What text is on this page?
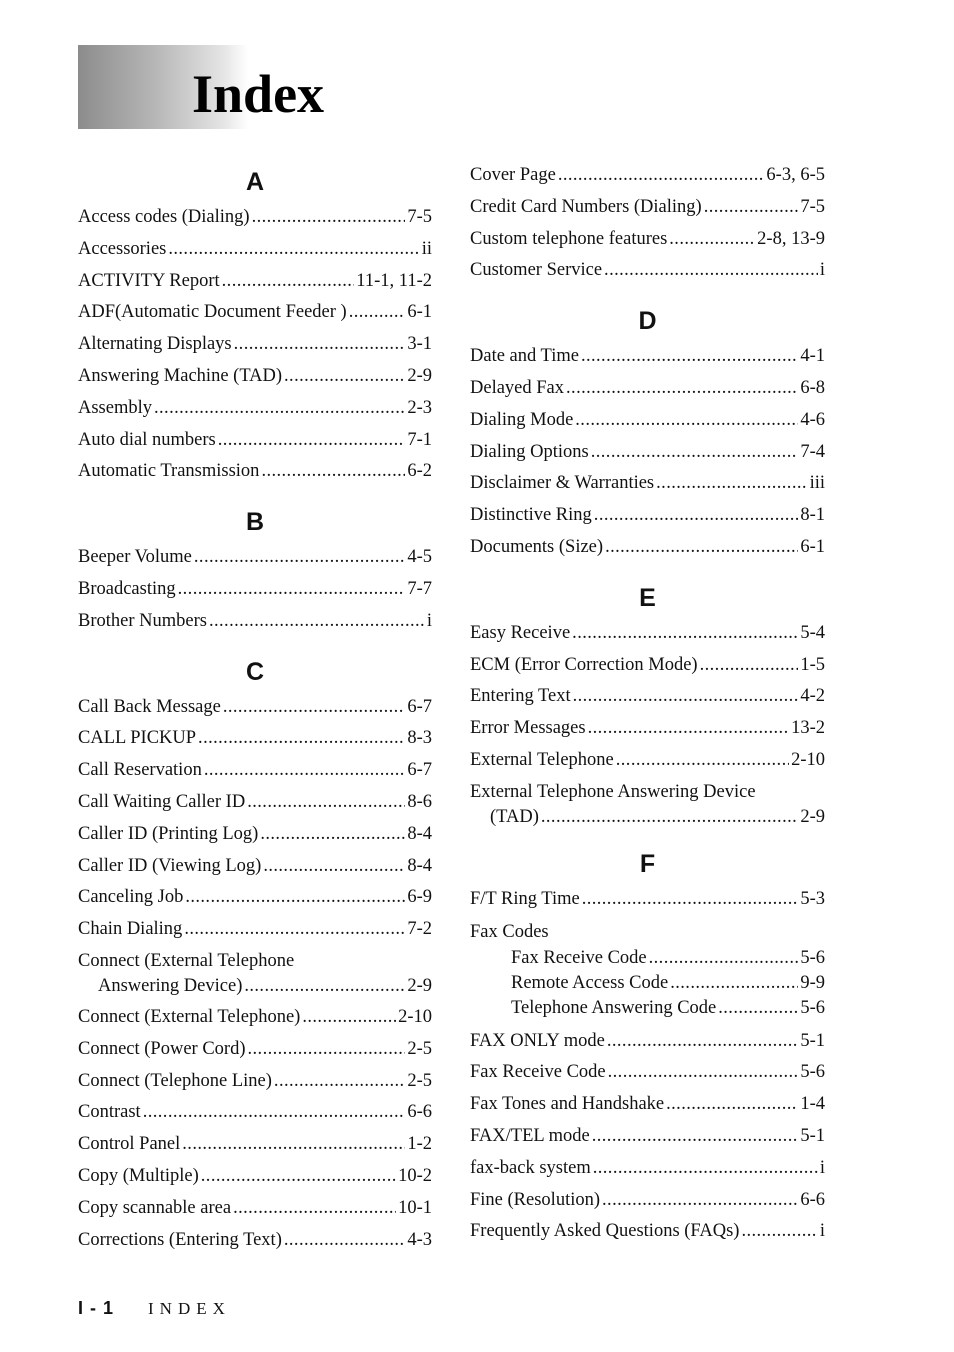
Index
A
Access codes (Dialing) .....	7-5
Accessories .....	ii
ACTIVITY Report .....	11-1, 11-2
ADF(Automatic Document Feeder ) .....	6-1
Alternating Displays .....	3-1
Answering Machine (TAD) .....	2-9
Assembly .....	2-3
Auto dial numbers .....	7-1
Automatic Transmission .....	6-2
B
Beeper Volume .....	4-5
Broadcasting .....	7-7
Brother Numbers .....	i
C
Call Back Message .....	6-7
CALL PICKUP .....	8-3
Call Reservation .....	6-7
Call Waiting Caller ID .....	8-6
Caller ID (Printing Log) .....	8-4
Caller ID (Viewing Log) .....	8-4
Canceling Job .....	6-9
Chain Dialing .....	7-2
Connect (External Telephone
Answering Device) .....	2-9
Connect (External Telephone) .....	2-10
Connect (Power Cord) .....	2-5
Connect (Telephone Line) .....	2-5
Contrast .....	6-6
Control Panel .....	1-2
Copy (Multiple) .....	10-2
Copy scannable area .....	10-1
Corrections (Entering Text) .....	4-3
Cover Page .....	6-3, 6-5
Credit Card Numbers (Dialing) .....	7-5
Custom telephone features .....	2-8, 13-9
Customer Service .....	i
D
Date and Time .....	4-1
Delayed Fax .....	6-8
Dialing Mode .....	4-6
Dialing Options .....	7-4
Disclaimer & Warranties .....	iii
Distinctive Ring .....	8-1
Documents (Size) .....	6-1
E
Easy Receive .....	5-4
ECM (Error Correction Mode) .....	1-5
Entering Text .....	4-2
Error Messages .....	13-2
External Telephone .....	2-10
External Telephone Answering Device
(TAD) .....	2-9
F
F/T Ring Time .....	5-3
Fax Codes
Fax Receive Code .....	5-6
Remote Access Code .....	9-9
Telephone Answering Code .....	5-6
FAX ONLY mode .....	5-1
Fax Receive Code .....	5-6
Fax Tones and Handshake .....	1-4
FAX/TEL mode .....	5-1
fax-back system .....	i
Fine (Resolution) .....	6-6
Frequently Asked Questions (FAQs) .....	i
I - 1 INDEX
